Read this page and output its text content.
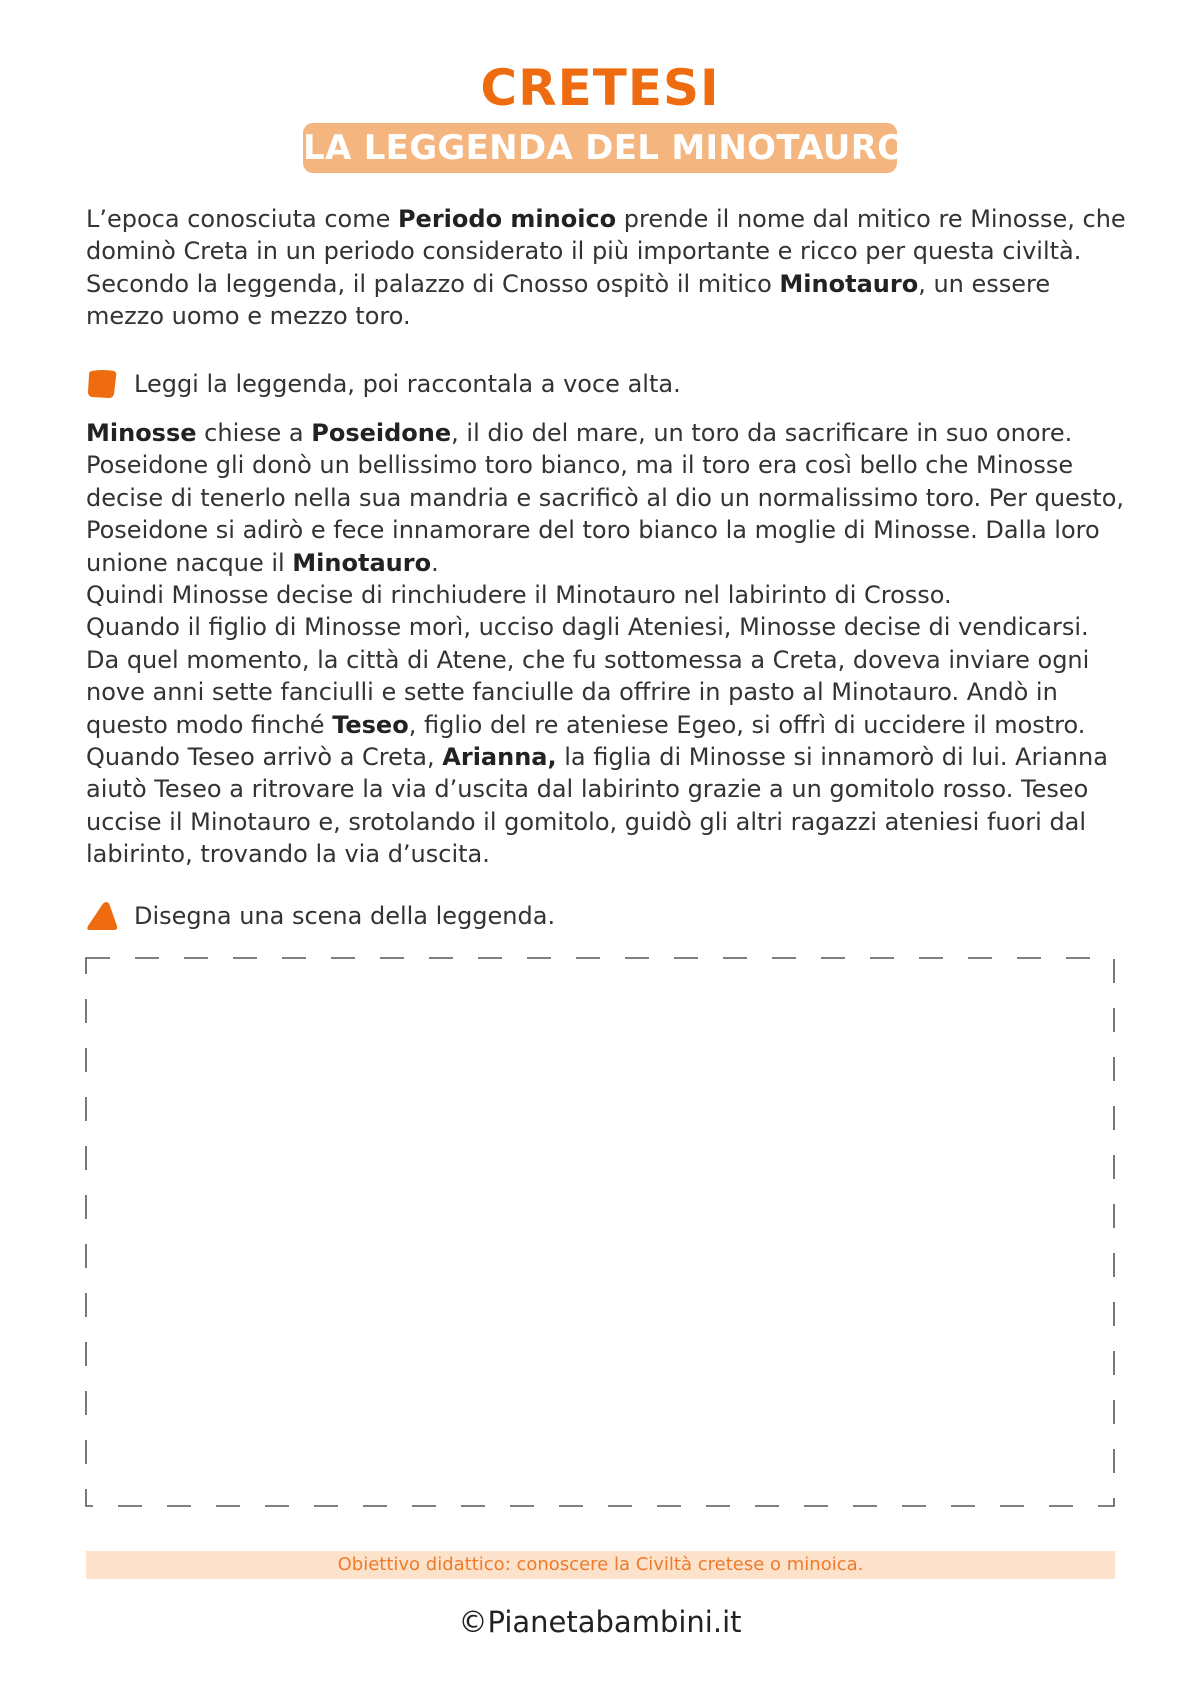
CRETESI
LA LEGGENDA DEL MINOTAURO

L’epoca conosciuta come Periodo minoico prende il nome dal mitico re Minosse, che dominò Creta in un periodo considerato il più importante e ricco per questa civiltà. Secondo la leggenda, il palazzo di Cnosso ospitò il mitico Minotauro, un essere mezzo uomo e mezzo toro.

Leggi la leggenda, poi raccontala a voce alta.

Minosse chiese a Poseidone, il dio del mare, un toro da sacrificare in suo onore. Poseidone gli donò un bellissimo toro bianco, ma il toro era così bello che Minosse decise di tenerlo nella sua mandria e sacrificò al dio un normalissimo toro. Per questo, Poseidone si adirò e fece innamorare del toro bianco la moglie di Minosse. Dalla loro unione nacque il Minotauro.
Quindi Minosse decise di rinchiudere il Minotauro nel labirinto di Crosso.
Quando il figlio di Minosse morì, ucciso dagli Ateniesi, Minosse decise di vendicarsi. Da quel momento, la città di Atene, che fu sottomessa a Creta, doveva inviare ogni nove anni sette fanciulli e sette fanciulle da offrire in pasto al Minotauro. Andò in questo modo finché Teseo, figlio del re ateniese Egeo, si offrì di uccidere il mostro. Quando Teseo arrivò a Creta, Arianna, la figlia di Minosse si innamorò di lui. Arianna aiutò Teseo a ritrovare la via d’uscita dal labirinto grazie a un gomitolo rosso. Teseo uccise il Minotauro e, srotolando il gomitolo, guidò gli altri ragazzi ateniesi fuori dal labirinto, trovando la via d’uscita.

Disegna una scena della leggenda.
Obiettivo didattico: conoscere la Civiltà cretese o minoica.
©Pianetabambini.it
